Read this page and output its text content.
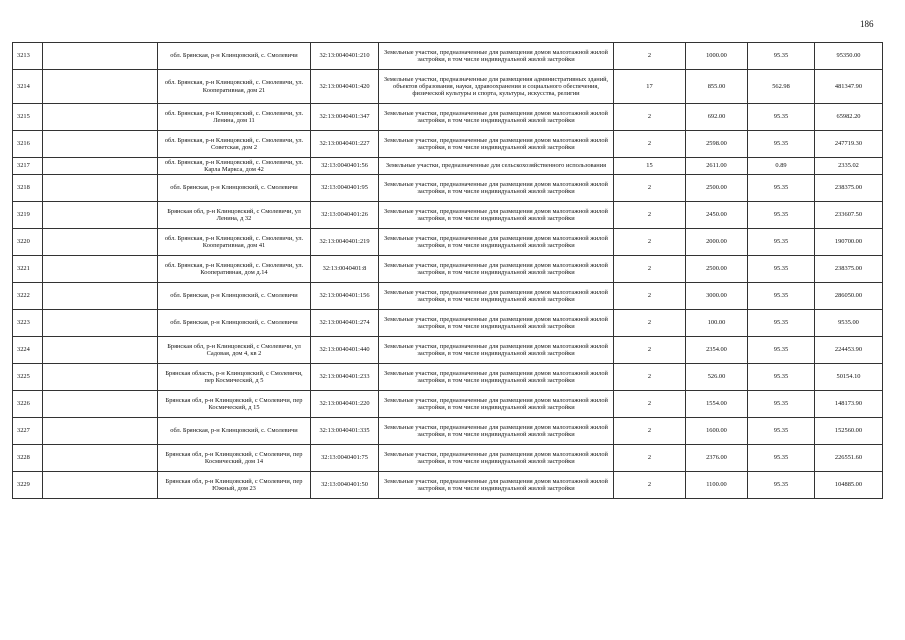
186
3213		обл. Брянская, р-н Клинцовский, с. Смолевичи	32:13:0040401:210	Земельные участки, предназначенные для размещения домов малоэтажной жилой застройки, в том числе индивидуальной жилой застройки	2	1000.00	95.35	95350.00
3214		обл. Брянская, р-н Клинцовский, с. Смолевичи, ул. Кооперативная, дом 21	32:13:0040401:420	Земельные участки, предназначенные для размещения административных зданий, объектов образования, науки, здравоохранения и социального обеспечения, физической культуры и спорта, культуры, искусства, религии	17	855.00	562.98	481347.90
3215		обл. Брянская, р-н Клинцовский, с. Смолевичи, ул. Ленина, дом 11	32:13:0040401:347	Земельные участки, предназначенные для размещения домов малоэтажной жилой застройки, в том числе индивидуальной жилой застройки	2	692.00	95.35	65982.20
3216		обл. Брянская, р-н Клинцовский, с. Смолевичи, ул. Советская, дом 2	32:13:0040401:227	Земельные участки, предназначенные для размещения домов малоэтажной жилой застройки, в том числе индивидуальной жилой застройки	2	2598.00	95.35	247719.30
3217		обл. Брянская, р-н Клинцовский, с. Смолевичи, ул. Карла Маркса, дом 42	32:13:0040401:56	Земельные участки, предназначенные для сельскохозяйственного использования	15	2611.00	0.89	2335.02
3218		обл. Брянская, р-н Клинцовский, с. Смолевичи	32:13:0040401:95	Земельные участки, предназначенные для размещения домов малоэтажной жилой застройки, в том числе индивидуальной жилой застройки	2	2500.00	95.35	238375.00
3219		Брянская обл, р-н Клинцовский, с Смолевичи, ул Ленина, д 32	32:13:0040401:26	Земельные участки, предназначенные для размещения домов малоэтажной жилой застройки, в том числе индивидуальной жилой застройки	2	2450.00	95.35	233607.50
3220		обл. Брянская, р-н Клинцовский, с. Смолевичи, ул. Кооперативная, дом 41	32:13:0040401:219	Земельные участки, предназначенные для размещения домов малоэтажной жилой застройки, в том числе индивидуальной жилой застройки	2	2000.00	95.35	190700.00
3221		обл. Брянская, р-н Клинцовский, с. Смолевичи, ул. Кооперативная, дом д.14	32:13:0040401:8	Земельные участки, предназначенные для размещения домов малоэтажной жилой застройки, в том числе индивидуальной жилой застройки	2	2500.00	95.35	238375.00
3222		обл. Брянская, р-н Клинцовский, с. Смолевичи	32:13:0040401:156	Земельные участки, предназначенные для размещения домов малоэтажной жилой застройки, в том числе индивидуальной жилой застройки	2	3000.00	95.35	286050.00
3223		обл. Брянская, р-н Клинцовский, с. Смолевичи	32:13:0040401:274	Земельные участки, предназначенные для размещения домов малоэтажной жилой застройки, в том числе индивидуальной жилой застройки	2	100.00	95.35	9535.00
3224		Брянская обл, р-н Клинцовский, с Смолевичи, ул Садовая, дом 4, кв 2	32:13:0040401:440	Земельные участки, предназначенные для размещения домов малоэтажной жилой застройки, в том числе индивидуальной жилой застройки	2	2354.00	95.35	224453.90
3225		Брянская область, р-н Клинцовский, с Смолевичи, пер Космический, д 5	32:13:0040401:233	Земельные участки, предназначенные для размещения домов малоэтажной жилой застройки, в том числе индивидуальной жилой застройки	2	526.00	95.35	50154.10
3226		Брянская обл, р-н Клинцовский, с Смолевичи, пер Космический, д 15	32:13:0040401:220	Земельные участки, предназначенные для размещения домов малоэтажной жилой застройки, в том числе индивидуальной жилой застройки	2	1554.00	95.35	148173.90
3227		обл. Брянская, р-н Клинцовский, с. Смолевичи	32:13:0040401:335	Земельные участки, предназначенные для размещения домов малоэтажной жилой застройки, в том числе индивидуальной жилой застройки	2	1600.00	95.35	152560.00
3228		Брянская обл, р-н Клинцовский, с Смолевичи, пер Космический, дом 14	32:13:0040401:75	Земельные участки, предназначенные для размещения домов малоэтажной жилой застройки, в том числе индивидуальной жилой застройки	2	2376.00	95.35	226551.60
3229		Брянская обл, р-н Клинцовский, с Смолевичи, пер Южный, дом 23	32:13:0040401:50	Земельные участки, предназначенные для размещения домов малоэтажной жилой застройки, в том числе индивидуальной жилой застройки	2	1100.00	95.35	104885.00
